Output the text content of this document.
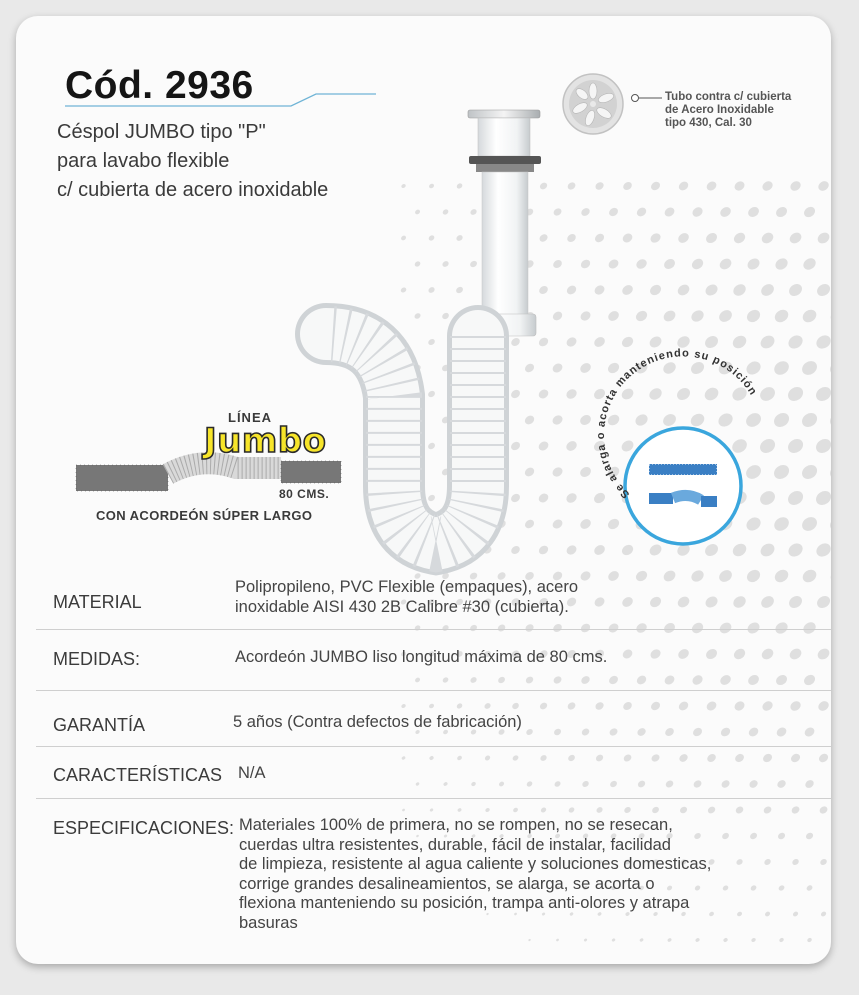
Cód. 2936
Céspol JUMBO tipo "P"
para lavabo flexible
c/ cubierta de acero inoxidable
Tubo contra c/ cubierta
de Acero Inoxidable
tipo 430, Cal. 30
LÍNEA
Jumbo
80 CMS.
CON ACORDEÓN SÚPER LARGO
Se alarga o acorta manteniendo su posición
MATERIAL
Polipropileno, PVC Flexible (empaques), acero
inoxidable AISI 430 2B Calibre #30 (cubierta).
MEDIDAS:	Acordeón JUMBO liso longitud máxima de 80 cms.
GARANTÍA	5 años (Contra defectos de fabricación)
CARACTERÍSTICAS N/A
ESPECIFICACIONES: Materiales 100% de primera, no se rompen, no se resecan,
cuerdas ultra resistentes, durable, fácil de instalar, facilidad
de limpieza, resistente al agua caliente y soluciones domesticas,
corrige grandes desalineamientos, se alarga, se acorta o
flexiona manteniendo su posición, trampa anti-olores y atrapa
basuras
